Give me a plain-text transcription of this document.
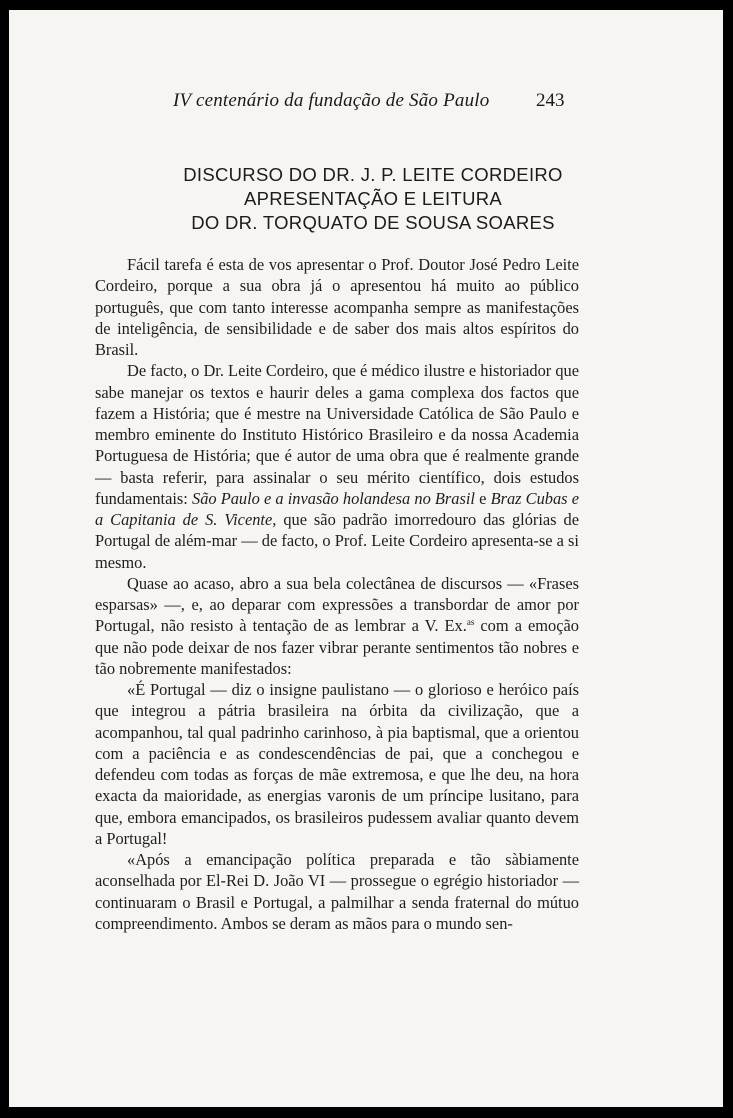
IV centenário da fundação de São Paulo 243
DISCURSO DO DR. J. P. LEITE CORDEIRO
APRESENTAÇÃO E LEITURA
DO DR. TORQUATO DE SOUSA SOARES

Fácil tarefa é esta de vos apresentar o Prof. Doutor José Pedro Leite Cordeiro, porque a sua obra já o apresentou há muito ao público português, que com tanto interesse acompanha sempre as manifestações de inteligência, de sensibilidade e de saber dos mais altos espíritos do Brasil.

De facto, o Dr. Leite Cordeiro, que é médico ilustre e historiador que sabe manejar os textos e haurir deles a gama complexa dos factos que fazem a História; que é mestre na Universidade Católica de São Paulo e membro eminente do Instituto Histórico Brasileiro e da nossa Academia Portuguesa de História; que é autor de uma obra que é realmente grande — basta referir, para assinalar o seu mérito científico, dois estudos fundamentais: São Paulo e a invasão holandesa no Brasil e Braz Cubas e a Capitania de S. Vicente, que são padrão imorredouro das glórias de Portugal de além-mar — de facto, o Prof. Leite Cordeiro apresenta-se a si mesmo.

Quase ao acaso, abro a sua bela colectânea de discursos — «Frases esparsas» —, e, ao deparar com expressões a transbordar de amor por Portugal, não resisto à tentação de as lembrar a V. Ex.$^{as}$ com a emoção que não pode deixar de nos fazer vibrar perante sentimentos tão nobres e tão nobremente manifestados:

«É Portugal — diz o insigne paulistano — o glorioso e heróico país que integrou a pátria brasileira na órbita da civilização, que a acompanhou, tal qual padrinho carinhoso, à pia baptismal, que a orientou com a paciência e as condescendências de pai, que a conchegou e defendeu com todas as forças de mãe extremosa, e que lhe deu, na hora exacta da maioridade, as energias varonis de um príncipe lusitano, para que, embora emancipados, os brasileiros pudessem avaliar quanto devem a Portugal!

«Após a emancipação política preparada e tão sàbiamente aconselhada por El-Rei D. João VI — prossegue o egrégio historiador — continuaram o Brasil e Portugal, a palmilhar a senda fraternal do mútuo compreendimento. Ambos se deram as mãos para o mundo sen-
